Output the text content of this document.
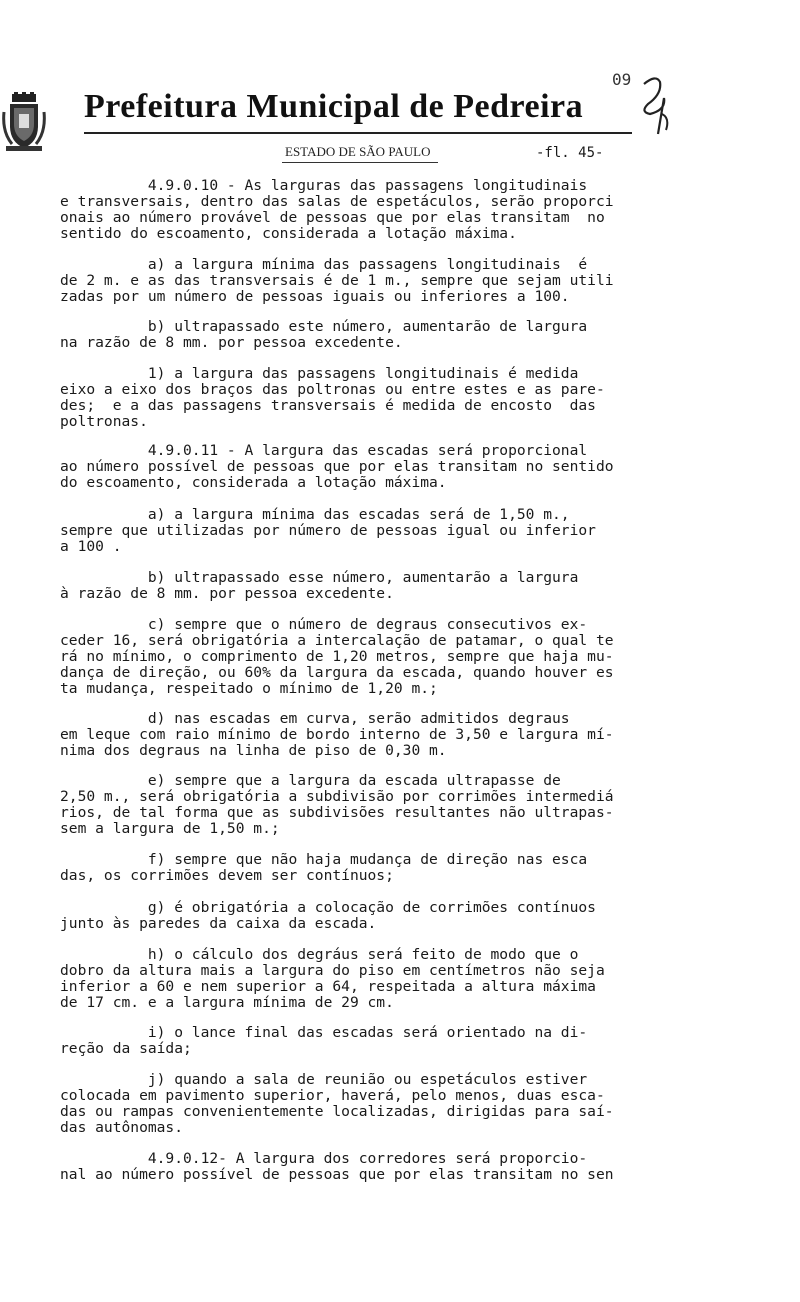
Prefeitura Municipal de Pedreira
09
ESTADO DE SÃO PAULO	-fl. 45-

4.9.0.10 - As larguras das passagens longitudinais
e transversais, dentro das salas de espetáculos, serão proporci
onais ao número provável de pessoas que por elas transitam  no
sentido do escoamento, considerada a lotação máxima.

a) a largura mínima das passagens longitudinais  é
de 2 m. e as das transversais é de 1 m., sempre que sejam utili
zadas por um número de pessoas iguais ou inferiores a 100.

b) ultrapassado este número, aumentarão de largura
na razão de 8 mm. por pessoa excedente.

1) a largura das passagens longitudinais é medida
eixo a eixo dos braços das poltronas ou entre estes e as pare-
des;  e a das passagens transversais é medida de encosto  das
poltronas.

4.9.0.11 - A largura das escadas será proporcional
ao número possível de pessoas que por elas transitam no sentido
do escoamento, considerada a lotação máxima.

a) a largura mínima das escadas será de 1,50 m.,
sempre que utilizadas por número de pessoas igual ou inferior
a 100 .

b) ultrapassado esse número, aumentarão a largura
à razão de 8 mm. por pessoa excedente.

c) sempre que o número de degraus consecutivos ex-
ceder 16, será obrigatória a intercalação de patamar, o qual te
rá no mínimo, o comprimento de 1,20 metros, sempre que haja mu-
dança de direção, ou 60% da largura da escada, quando houver es
ta mudança, respeitado o mínimo de 1,20 m.;

d) nas escadas em curva, serão admitidos degraus
em leque com raio mínimo de bordo interno de 3,50 e largura mí-
nima dos degraus na linha de piso de 0,30 m.

e) sempre que a largura da escada ultrapasse de
2,50 m., será obrigatória a subdivisão por corrimões intermediá
rios, de tal forma que as subdivisões resultantes não ultrapas-
sem a largura de 1,50 m.;

f) sempre que não haja mudança de direção nas esca
das, os corrimões devem ser contínuos;

g) é obrigatória a colocação de corrimões contínuos
junto às paredes da caixa da escada.

h) o cálculo dos degráus será feito de modo que o
dobro da altura mais a largura do piso em centímetros não seja
inferior a 60 e nem superior a 64, respeitada a altura máxima
de 17 cm. e a largura mínima de 29 cm.

i) o lance final das escadas será orientado na di-
reção da saída;

j) quando a sala de reunião ou espetáculos estiver
colocada em pavimento superior, haverá, pelo menos, duas esca-
das ou rampas convenientemente localizadas, dirigidas para saí-
das autônomas.

4.9.0.12- A largura dos corredores será proporcio-
nal ao número possível de pessoas que por elas transitam no sen
